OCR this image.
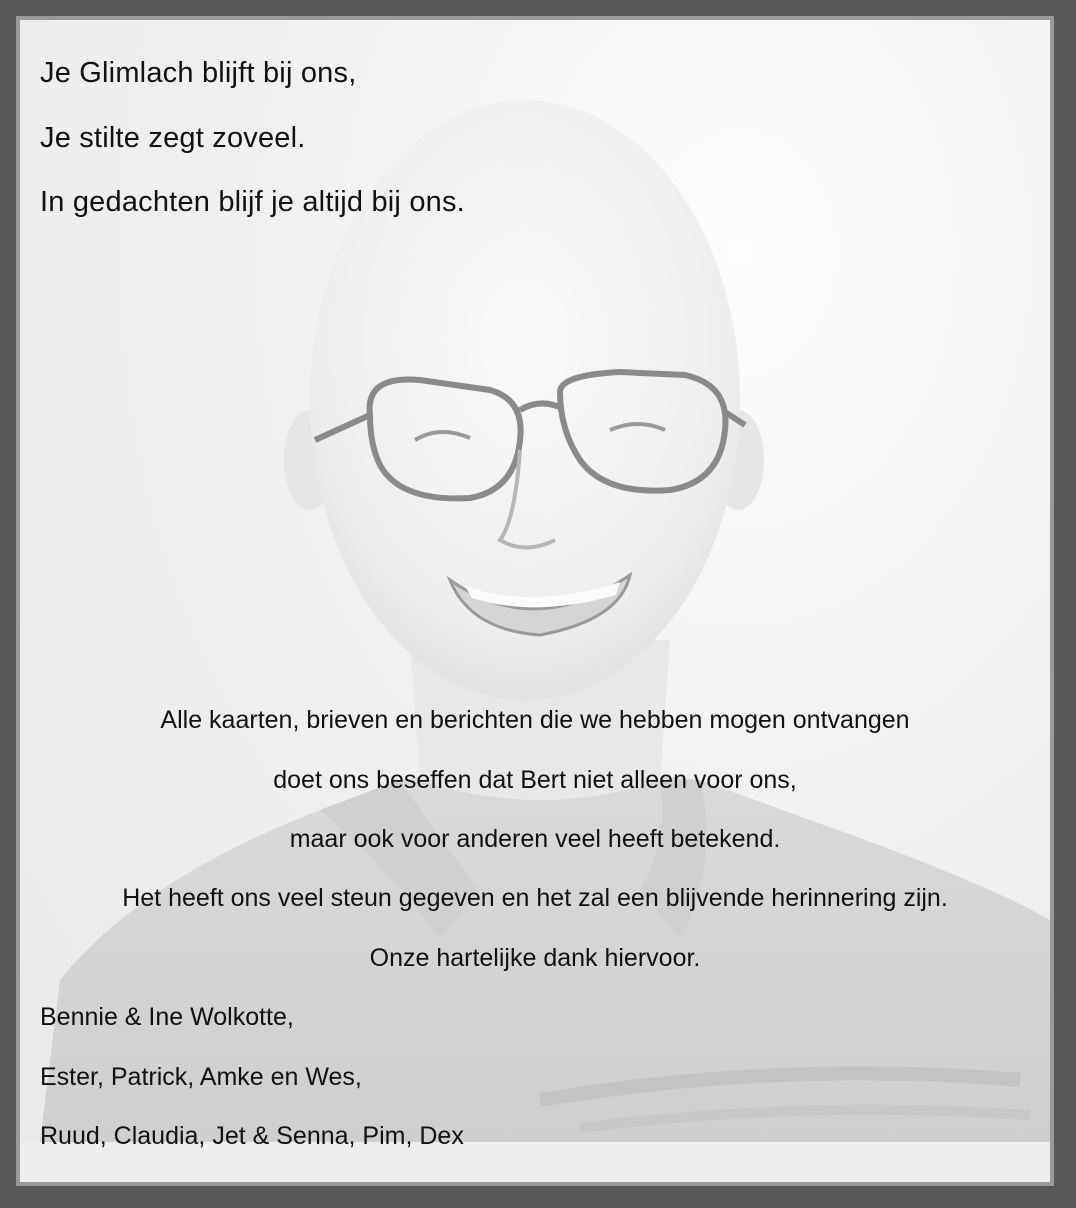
Je Glimlach blijft bij ons,
Je stilte zegt zoveel.
In gedachten blijf je altijd bij ons.
Alle kaarten, brieven en berichten die we hebben mogen ontvangen
doet ons beseffen dat Bert niet alleen voor ons,
maar ook voor anderen veel heeft betekend.
Het heeft ons veel steun gegeven en het zal een blijvende herinnering zijn.
Onze hartelijke dank hiervoor.
Bennie & Ine Wolkotte,
Ester, Patrick, Amke en Wes,
Ruud, Claudia, Jet & Senna, Pim, Dex
